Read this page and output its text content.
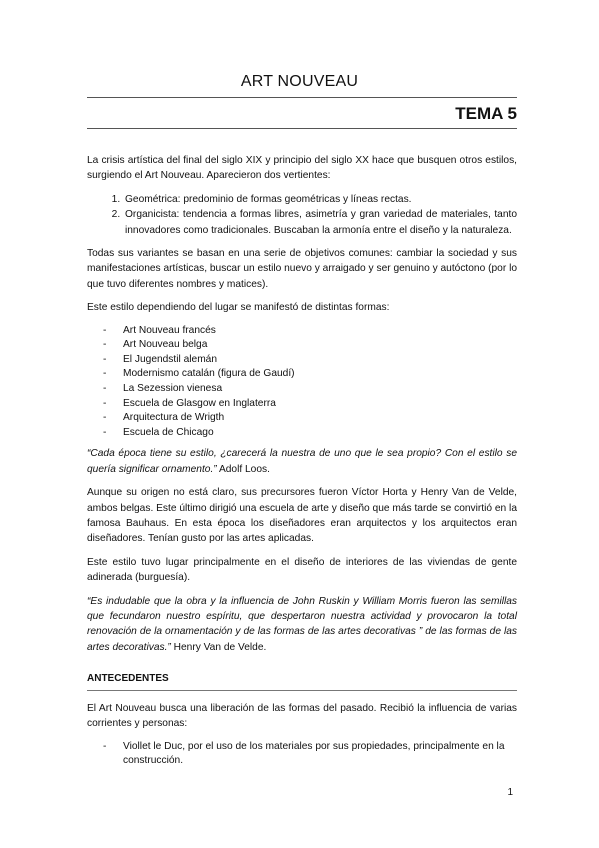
ART NOUVEAU
TEMA 5

La crisis artística del final del siglo XIX y principio del siglo XX hace que busquen otros estilos, surgiendo el Art Nouveau. Aparecieron dos vertientes:

1. Geométrica: predominio de formas geométricas y líneas rectas.
2. Organicista: tendencia a formas libres, asimetría y gran variedad de materiales, tanto innovadores como tradicionales. Buscaban la armonía entre el diseño y la naturaleza.

Todas sus variantes se basan en una serie de objetivos comunes: cambiar la sociedad y sus manifestaciones artísticas, buscar un estilo nuevo y arraigado y ser genuino y autóctono (por lo que tuvo diferentes nombres y matices).

Este estilo dependiendo del lugar se manifestó de distintas formas:

- Art Nouveau francés
- Art Nouveau belga
- El Jugendstil alemán
- Modernismo catalán (figura de Gaudí)
- La Sezession vienesa
- Escuela de Glasgow en Inglaterra
- Arquitectura de Wrigth
- Escuela de Chicago

“Cada época tiene su estilo, ¿carecerá la nuestra de uno que le sea propio? Con el estilo se quería significar ornamento.” Adolf Loos.

Aunque su origen no está claro, sus precursores fueron Víctor Horta y Henry Van de Velde, ambos belgas. Este último dirigió una escuela de arte y diseño que más tarde se convirtió en la famosa Bauhaus. En esta época los diseñadores eran arquitectos y los arquitectos eran diseñadores. Tenían gusto por las artes aplicadas.

Este estilo tuvo lugar principalmente en el diseño de interiores de las viviendas de gente adinerada (burguesía).

“Es indudable que la obra y la influencia de John Ruskin y William Morris fueron las semillas que fecundaron nuestro espíritu, que despertaron nuestra actividad y provocaron la total renovación de la ornamentación y de las formas de las artes decorativas ” de las formas de las artes decorativas.” Henry Van de Velde.

ANTECEDENTES

El Art Nouveau busca una liberación de las formas del pasado. Recibió la influencia de varias corrientes y personas:

- Viollet le Duc, por el uso de los materiales por sus propiedades, principalmente en la construcción.
1
